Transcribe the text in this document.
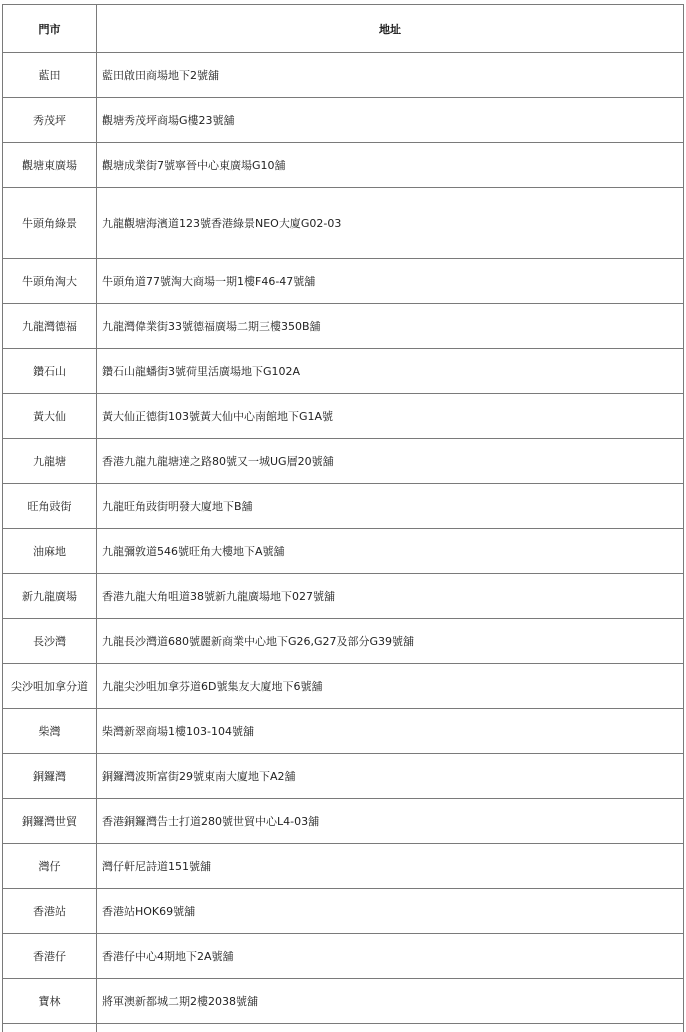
門市	地址
藍田	藍田啟田商場地下2號舖
秀茂坪	觀塘秀茂坪商場G樓23號舖
觀塘東廣場	觀塘成業街7號寧晉中心東廣場G10舖
牛頭角綠景	九龍觀塘海濱道123號香港綠景NEO大廈G02-03
牛頭角淘大	牛頭角道77號淘大商場一期1樓F46-47號舖
九龍灣德福	九龍灣偉業街33號德福廣場二期三樓350B舖
鑽石山	鑽石山龍蟠街3號荷里活廣場地下G102A
黃大仙	黃大仙正德街103號黃大仙中心南館地下G1A號
九龍塘	香港九龍九龍塘達之路80號又一城UG層20號舖
旺角豉街	九龍旺角豉街明發大廈地下B舖
油麻地	九龍彌敦道546號旺角大樓地下A號舖
新九龍廣場	香港九龍大角咀道38號新九龍廣場地下027號舖
長沙灣	九龍長沙灣道680號麗新商業中心地下G26,G27及部分G39號舖
尖沙咀加拿分道	九龍尖沙咀加拿芬道6D號集友大廈地下6號舖
柴灣	柴灣新翠商場1樓103-104號舖
銅鑼灣	銅鑼灣波斯富街29號東南大廈地下A2舖
銅鑼灣世貿	香港銅鑼灣告士打道280號世貿中心L4-03舖
灣仔	灣仔軒尼詩道151號舖
香港站	香港站HOK69號舖
香港仔	香港仔中心4期地下2A號舖
寶林	將軍澳新都城二期2樓2038號舖
